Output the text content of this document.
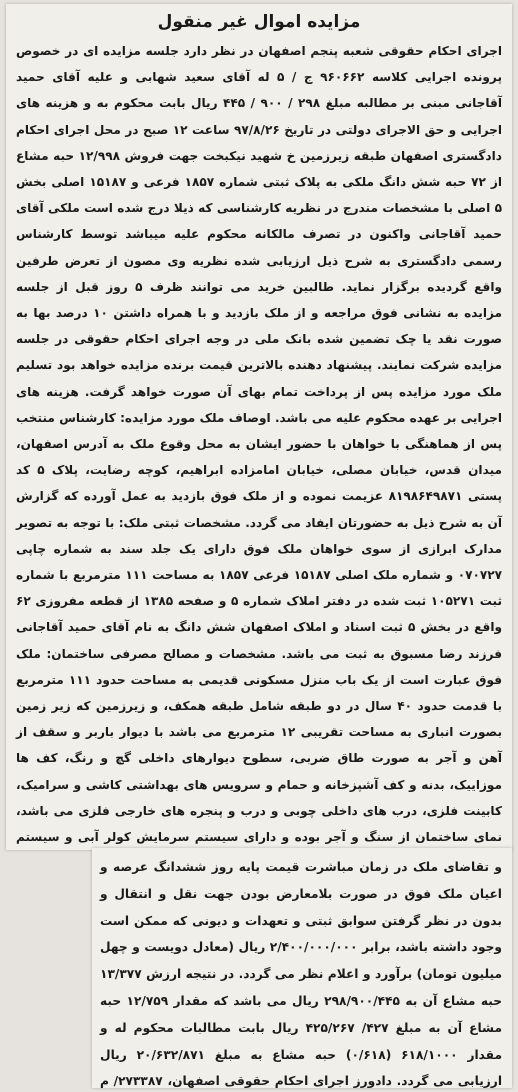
مزایده اموال غیر منقول

اجرای احکام حقوقی شعبه پنجم اصفهان در نظر دارد جلسه مزایده ای در خصوص پرونده اجرایی کلاسه ۹۶۰۶۶۲ ج / ۵ له آقای سعید شهابی و علیه آقای حمید آقاجانی مبنی بر مطالبه مبلغ ۲۹۸ / ۹۰۰ / ۴۴۵ ریال بابت محکوم به و هزینه های اجرایی و حق الاجرای دولتی در تاریخ ۹۷/۸/۲۶ ساعت ۱۲ صبح در محل اجرای احکام دادگستری اصفهان طبقه زیرزمین خ شهید نیکبخت جهت فروش ۱۲/۹۹۸ حبه مشاع از ۷۲ حبه شش دانگ ملکی به پلاک ثبتی شماره ۱۸۵۷ فرعی و ۱۵۱۸۷ اصلی بخش ۵ اصلی با مشخصات مندرج در نظریه کارشناسی که ذیلا درج شده است ملکی آقای حمید آقاجانی واکنون در تصرف مالکانه محکوم علیه میباشد توسط کارشناس رسمی دادگستری به شرح ذیل ارزیابی شده نظریه وی مصون از تعرض طرفین واقع گردیده برگزار نماید. طالبین خرید می توانند ظرف ۵ روز قبل از جلسه مزایده به نشانی فوق مراجعه و از ملک بازدید و با همراه داشتن ۱۰ درصد بها به صورت نقد یا چک تضمین شده بانک ملی در وجه اجرای احکام حقوقی در جلسه مزایده شرکت نمایند. پیشنهاد دهنده بالاترین قیمت برنده مزایده خواهد بود تسلیم ملک مورد مزایده پس از پرداخت تمام بهای آن صورت خواهد گرفت. هزینه های اجرایی بر عهده محکوم علیه می باشد. اوصاف ملک مورد مزایده: کارشناس منتخب پس از هماهنگی با خواهان با حضور ایشان به محل وقوع ملک به آدرس اصفهان، میدان قدس، خیابان مصلی، خیابان امامزاده ابراهیم، کوچه رضایت، پلاک ۵ کد پستی ۸۱۹۸۶۴۹۸۷۱ عزیمت نموده و از ملک فوق بازدید به عمل آورده که گزارش آن به شرح ذیل به حضورتان ایفاد می گردد. مشخصات ثبتی ملک: با توجه به تصویر مدارک ابرازی از سوی خواهان ملک فوق دارای یک جلد سند به شماره چاپی ۰۷۰۷۲۷ و شماره ملک اصلی ۱۵۱۸۷ فرعی ۱۸۵۷ به مساحت ۱۱۱ مترمربع با شماره ثبت ۱۰۵۲۷۱ ثبت شده در دفتر املاک شماره ۵ و صفحه ۱۳۸۵ از قطعه مفروزی ۶۲ واقع در بخش ۵ ثبت اسناد و املاک اصفهان شش دانگ به نام آقای حمید آقاجانی فرزند رضا مسبوق به ثبت می باشد. مشخصات و مصالح مصرفی ساختمان: ملک فوق عبارت است از یک باب منزل مسکونی قدیمی به مساحت حدود ۱۱۱ مترمربع با قدمت حدود ۴۰ سال در دو طبقه شامل طبقه همکف، و زیرزمین که زیر زمین بصورت انباری به مساحت تقریبی ۱۲ مترمربع می باشد با دیوار باربر و سقف از آهن و آجر به صورت طاق ضربی، سطوح دیوارهای داخلی گچ و رنگ، کف ها موزاییک، بدنه و کف آشپزخانه و حمام و سرویس های بهداشتی کاشی و سرامیک، کابینت فلزی، درب های داخلی چوبی و درب و پنجره های خارجی فلزی می باشد، نمای ساختمان از سنگ و آجر بوده و دارای سیستم سرمایش کولر آبی و سیستم

و تقاضای ملک در زمان مباشرت قیمت پایه روز ششدانگ عرصه و اعیان ملک فوق در صورت بلامعارض بودن جهت نقل و انتقال و بدون در نظر گرفتن سوابق ثبتی و تعهدات و دیونی که ممکن است وجود داشته باشد، برابر ۲/۴۰۰/۰۰۰/۰۰۰ ریال (معادل دویست و چهل میلیون تومان) برآورد و اعلام نظر می گردد. در نتیجه ارزش ۱۳/۳۷۷ حبه مشاع آن به ۲۹۸/۹۰۰/۴۴۵ ریال می باشد که مقدار ۱۲/۷۵۹ حبه مشاع آن به مبلغ ۴۲۷/ ۴۲۵/۲۶۷ ریال بابت مطالبات محکوم له و مقدار ۶۱۸/۱۰۰۰ (۰/۶۱۸) حبه مشاع به مبلغ ۲۰/۶۳۲/۸۷۱ ریال ارزیابی می گردد. دادورز اجرای احکام حقوقی اصفهان، ۲۷۳۳۸۷/ م
